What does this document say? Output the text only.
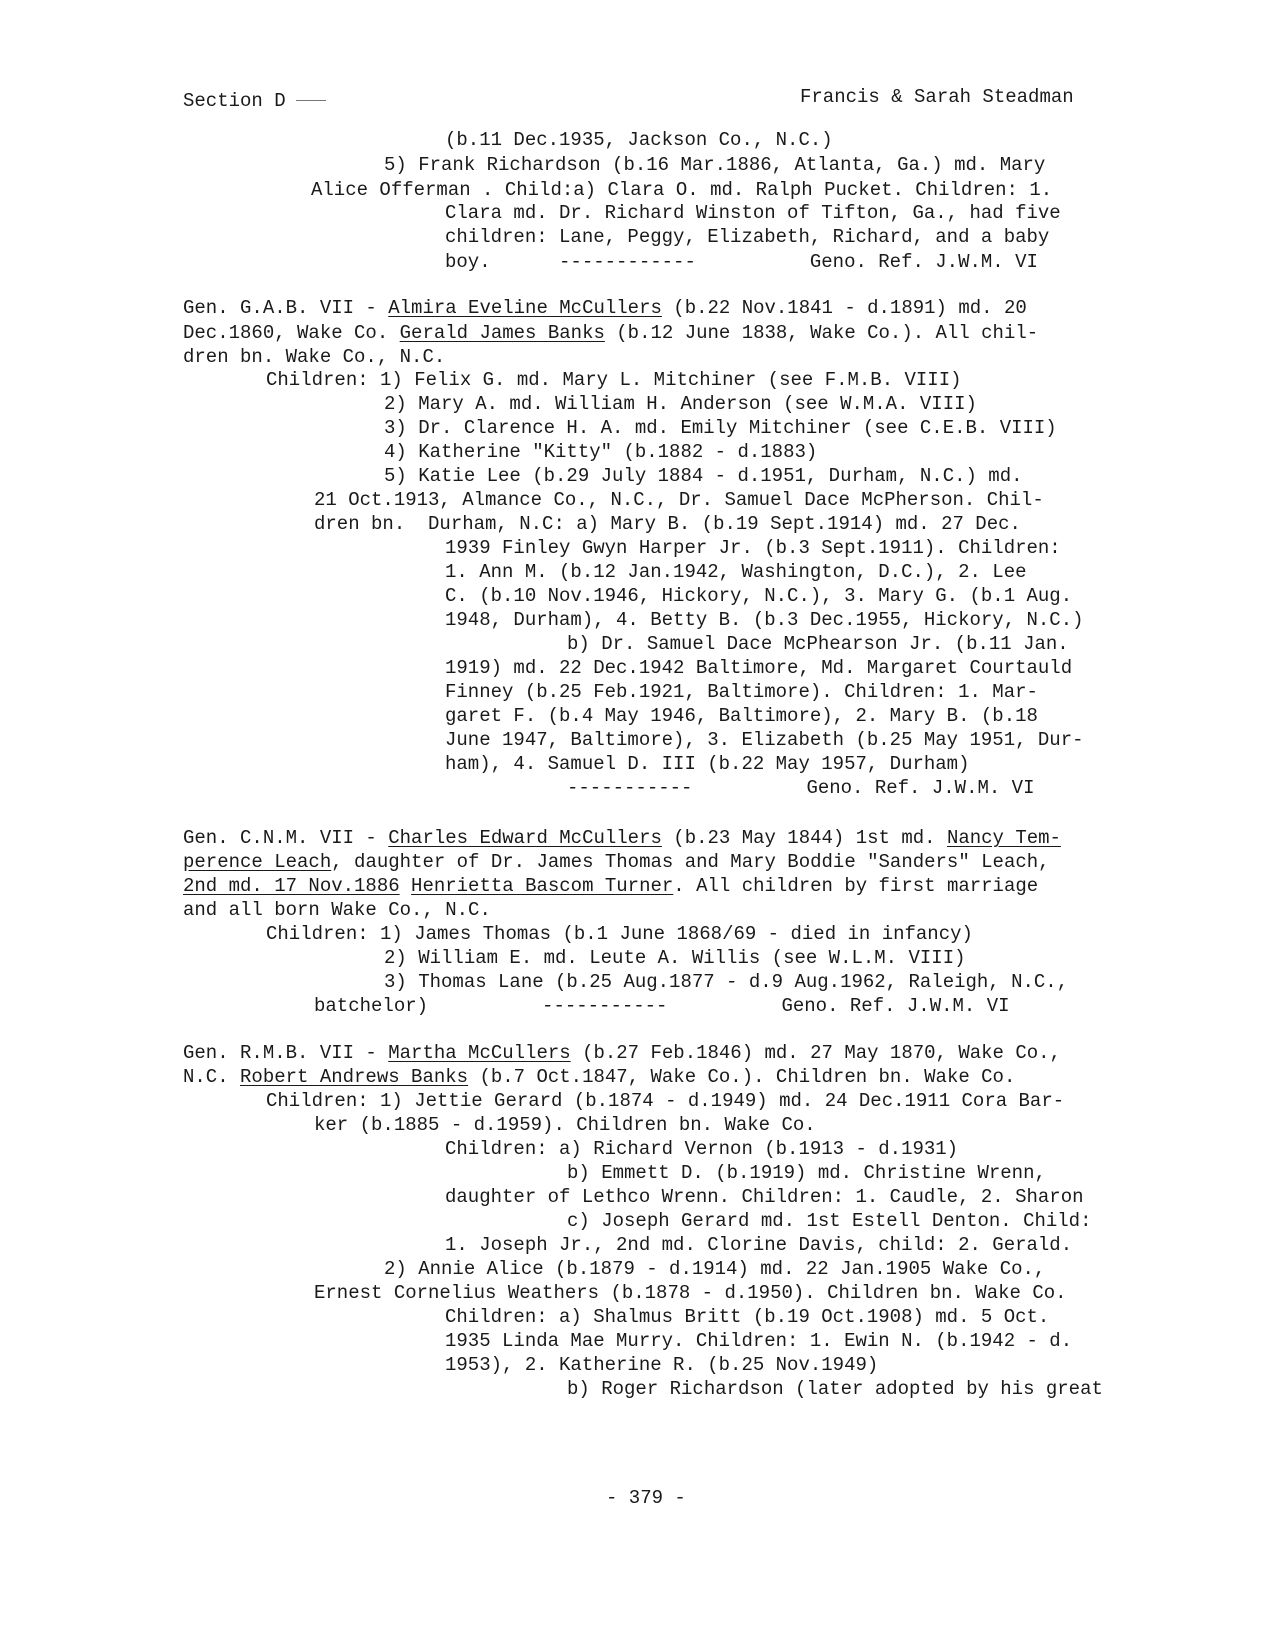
Section D	Francis & Sarah Steadman
(b.11 Dec.1935, Jackson Co., N.C.)
5) Frank Richardson (b.16 Mar.1886, Atlanta, Ga.) md. Mary
Alice Offerman . Child:a) Clara O. md. Ralph Pucket. Children: 1.
Clara md. Dr. Richard Winston of Tifton, Ga., had five
children: Lane, Peggy, Elizabeth, Richard, and a baby
boy.      ------------          Geno. Ref. J.W.M. VI
Gen. G.A.B. VII - Almira Eveline McCullers (b.22 Nov.1841 - d.1891) md. 20
Dec.1860, Wake Co. Gerald James Banks (b.12 June 1838, Wake Co.). All chil-
dren bn. Wake Co., N.C.
Children: 1) Felix G. md. Mary L. Mitchiner (see F.M.B. VIII)
2) Mary A. md. William H. Anderson (see W.M.A. VIII)
3) Dr. Clarence H. A. md. Emily Mitchiner (see C.E.B. VIII)
4) Katherine "Kitty" (b.1882 - d.1883)
5) Katie Lee (b.29 July 1884 - d.1951, Durham, N.C.) md.
21 Oct.1913, Almance Co., N.C., Dr. Samuel Dace McPherson. Chil-
dren bn.  Durham, N.C: a) Mary B. (b.19 Sept.1914) md. 27 Dec.
1939 Finley Gwyn Harper Jr. (b.3 Sept.1911). Children:
1. Ann M. (b.12 Jan.1942, Washington, D.C.), 2. Lee
C. (b.10 Nov.1946, Hickory, N.C.), 3. Mary G. (b.1 Aug.
1948, Durham), 4. Betty B. (b.3 Dec.1955, Hickory, N.C.)
b) Dr. Samuel Dace McPhearson Jr. (b.11 Jan.
1919) md. 22 Dec.1942 Baltimore, Md. Margaret Courtauld
Finney (b.25 Feb.1921, Baltimore). Children: 1. Mar-
garet F. (b.4 May 1946, Baltimore), 2. Mary B. (b.18
June 1947, Baltimore), 3. Elizabeth (b.25 May 1951, Dur-
ham), 4. Samuel D. III (b.22 May 1957, Durham)
-----------          Geno. Ref. J.W.M. VI
Gen. C.N.M. VII - Charles Edward McCullers (b.23 May 1844) 1st md. Nancy Tem-
perence Leach, daughter of Dr. James Thomas and Mary Boddie "Sanders" Leach,
2nd md. 17 Nov.1886 Henrietta Bascom Turner. All children by first marriage
and all born Wake Co., N.C.
Children: 1) James Thomas (b.1 June 1868/69 - died in infancy)
2) William E. md. Leute A. Willis (see W.L.M. VIII)
3) Thomas Lane (b.25 Aug.1877 - d.9 Aug.1962, Raleigh, N.C.,
batchelor)          -----------          Geno. Ref. J.W.M. VI
Gen. R.M.B. VII - Martha McCullers (b.27 Feb.1846) md. 27 May 1870, Wake Co.,
N.C. Robert Andrews Banks (b.7 Oct.1847, Wake Co.). Children bn. Wake Co.
Children: 1) Jettie Gerard (b.1874 - d.1949) md. 24 Dec.1911 Cora Bar-
ker (b.1885 - d.1959). Children bn. Wake Co.
Children: a) Richard Vernon (b.1913 - d.1931)
b) Emmett D. (b.1919) md. Christine Wrenn,
daughter of Lethco Wrenn. Children: 1. Caudle, 2. Sharon
c) Joseph Gerard md. 1st Estell Denton. Child:
1. Joseph Jr., 2nd md. Clorine Davis, child: 2. Gerald.
2) Annie Alice (b.1879 - d.1914) md. 22 Jan.1905 Wake Co.,
Ernest Cornelius Weathers (b.1878 - d.1950). Children bn. Wake Co.
Children: a) Shalmus Britt (b.19 Oct.1908) md. 5 Oct.
1935 Linda Mae Murry. Children: 1. Ewin N. (b.1942 - d.
1953), 2. Katherine R. (b.25 Nov.1949)
b) Roger Richardson (later adopted by his great
- 379 -
